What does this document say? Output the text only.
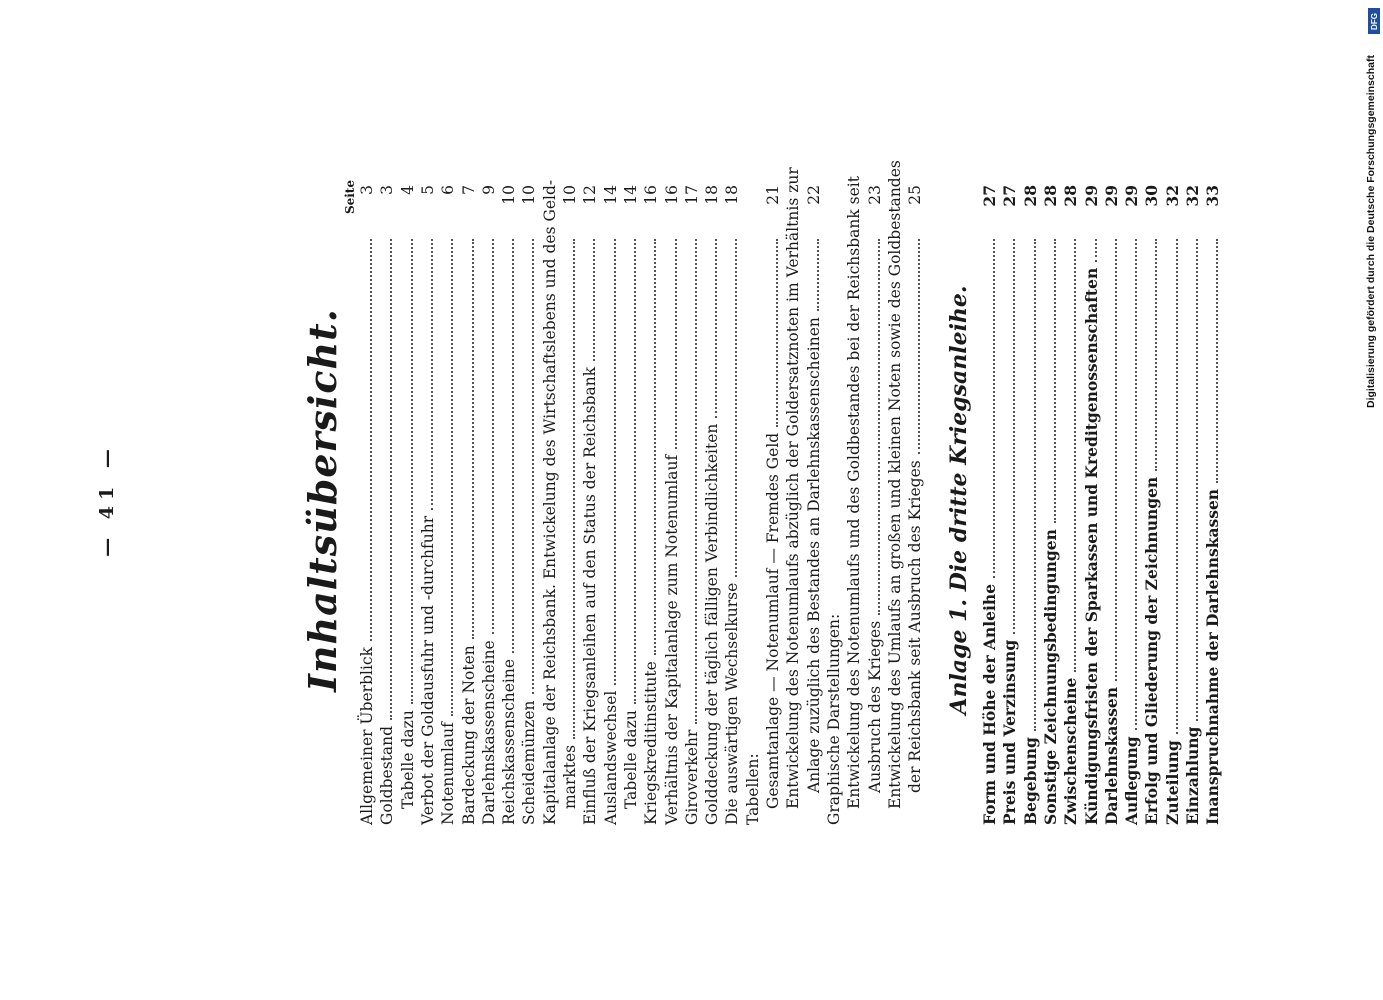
— 41 —	Inhaltsübersicht.
Seite
Allgemeiner Überblick
3
Goldbestand
3
Tabelle dazu
4
Verbot der Goldausfuhr und -durchfuhr
5
Notenumlauf
6
Bardeckung der Noten
7
Darlehnskassenscheine
9
Reichskassenscheine
10
Scheidemünzen
10 Kapitalanlage der Reichsbank. Entwickelung des Wirtschaftslebens und des Geld- marktes
10
Einfluß der Kriegsanleihen auf den Status der Reichsbank
12
Auslandswechsel
14
Tabelle dazu
14
Kriegskreditinstitute
16
Verhältnis der Kapitalanlage zum Notenumlauf
16
Giroverkehr
17
Golddeckung der täglich fälligen Verbindlichkeiten
18
Die auswärtigen Wechselkurse
18
Tabellen: Gesamtanlage — Notenumlauf — Fremdes Geld
21 Entwickelung des Notenumlaufs abzüglich der Goldersatznoten im Verhältnis zur Anlage zuzüglich des Bestandes an Darlehnskassenscheinen
22
Graphische Darstellungen: Entwickelung des Notenumlaufs und des Goldbestandes bei der Reichsbank seit Ausbruch des Krieges
23 Entwickelung des Umlaufs an großen und kleinen Noten sowie des Goldbestandes der Reichsbank seit Ausbruch des Krieges
25
Anlage 1. Die dritte Kriegsanleihe. Form und Höhe der Anleihe
27
Preis und Verzinsung
27
Begebung
28
Sonstige Zeichnungsbedingungen
28
Zwischenscheine
28
Kündigungsfristen der Sparkassen und Kreditgenossenschaften
29
Darlehnskassen
29
Auflegung
29
Erfolg und Gliederung der Zeichnungen
30
Zuteilung
32
Einzahlung
32
Inanspruchnahme der Darlehnskassen
33	Digitalisierung gefördert durch die Deutsche Forschungsgemeinschaft
DFG
